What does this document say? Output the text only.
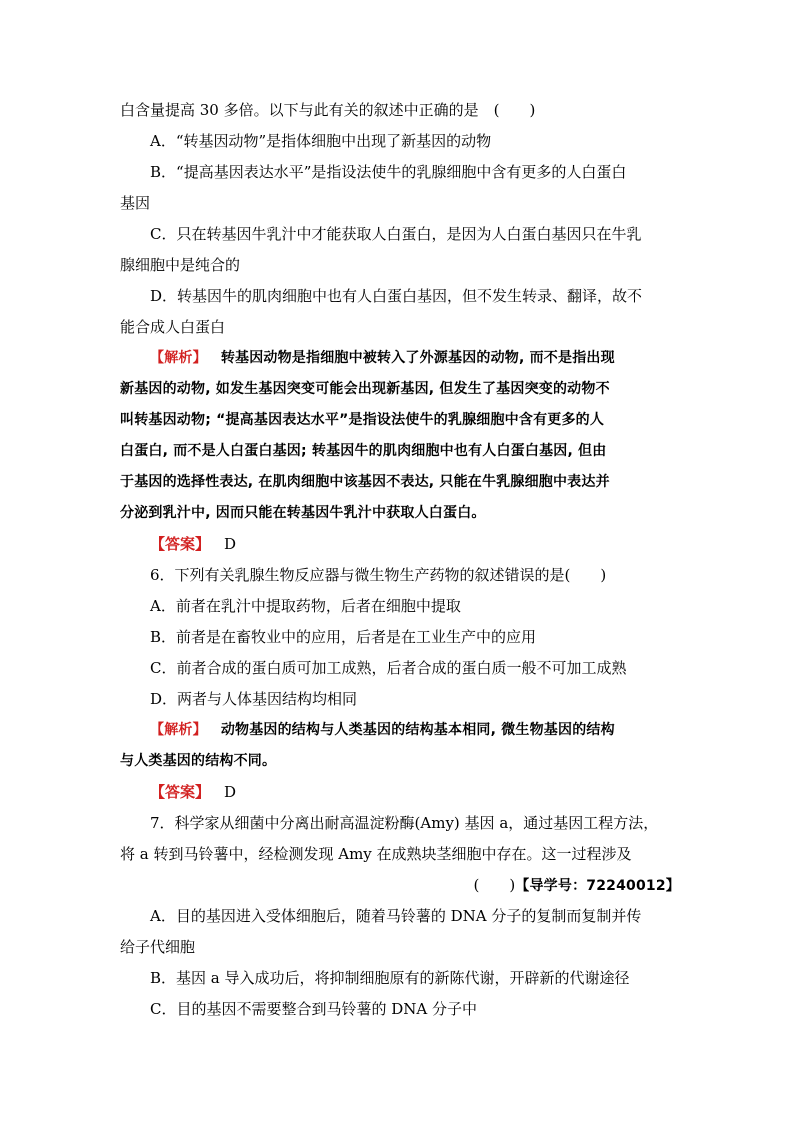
白含量提高 30 多倍。以下与此有关的叙述中正确的是　(　　)
A．“转基因动物”是指体细胞中出现了新基因的动物
B．“提高基因表达水平”是指设法使牛的乳腺细胞中含有更多的人白蛋白
基因
C．只在转基因牛乳汁中才能获取人白蛋白，是因为人白蛋白基因只在牛乳
腺细胞中是纯合的
D．转基因牛的肌肉细胞中也有人白蛋白基因，但不发生转录、翻译，故不
能合成人白蛋白
【解析】 转基因动物是指细胞中被转入了外源基因的动物, 而不是指出现
新基因的动物, 如发生基因突变可能会出现新基因, 但发生了基因突变的动物不
叫转基因动物; “提高基因表达水平”是指设法使牛的乳腺细胞中含有更多的人
白蛋白, 而不是人白蛋白基因; 转基因牛的肌肉细胞中也有人白蛋白基因, 但由
于基因的选择性表达, 在肌肉细胞中该基因不表达, 只能在牛乳腺细胞中表达并
分泌到乳汁中, 因而只能在转基因牛乳汁中获取人白蛋白。
【答案】 D
6．下列有关乳腺生物反应器与微生物生产药物的叙述错误的是(　　)
A．前者在乳汁中提取药物，后者在细胞中提取
B．前者是在畜牧业中的应用，后者是在工业生产中的应用
C．前者合成的蛋白质可加工成熟，后者合成的蛋白质一般不可加工成熟
D．两者与人体基因结构均相同
【解析】 动物基因的结构与人类基因的结构基本相同, 微生物基因的结构
与人类基因的结构不同。
【答案】 D
7．科学家从细菌中分离出耐高温淀粉酶(Amy) 基因 a，通过基因工程方法，
将 a 转到马铃薯中，经检测发现 Amy 在成熟块茎细胞中存在。这一过程涉及
(　　)【导学号：72240012】
A．目的基因进入受体细胞后，随着马铃薯的 DNA 分子的复制而复制并传
给子代细胞
B．基因 a 导入成功后，将抑制细胞原有的新陈代谢，开辟新的代谢途径
C．目的基因不需要整合到马铃薯的 DNA 分子中
